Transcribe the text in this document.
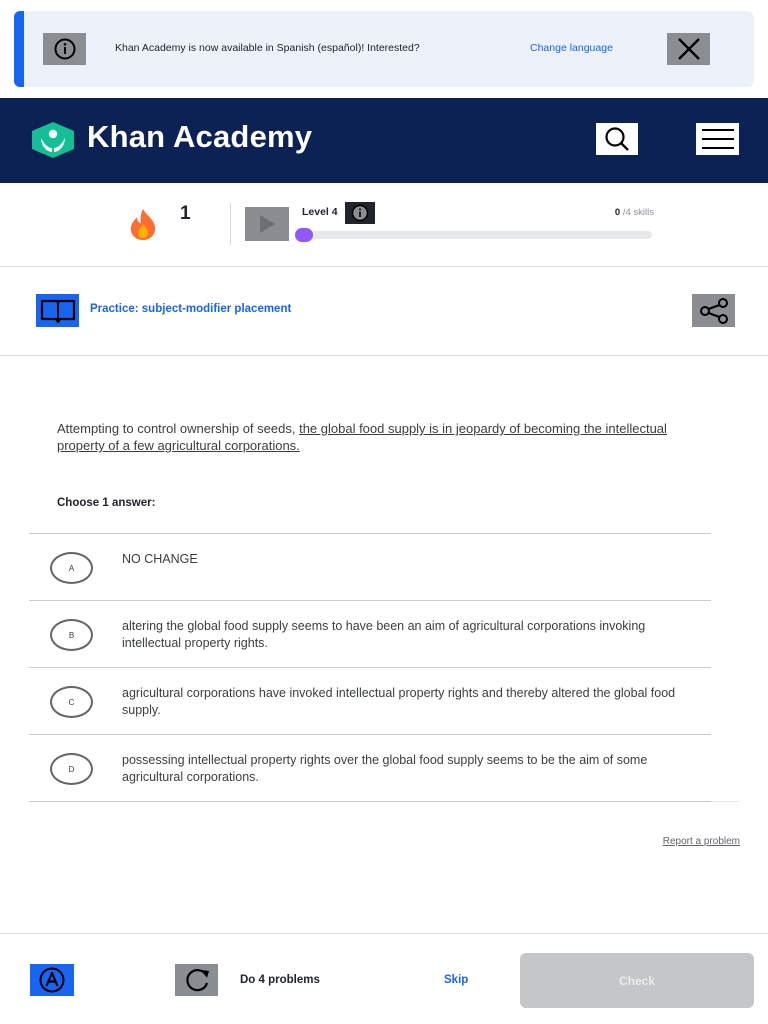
Khan Academy is now available in Spanish (español)! Interested?	Change language
Khan Academy
1	Level 4	0 /4 skills
Practice: subject-modifier placement
Attempting to control ownership of seeds, the global food supply is in jeopardy of becoming the intellectual property of a few agricultural corporations.
Choose 1 answer:
A
NO CHANGE
B
altering the global food supply seems to have been an aim of agricultural corporations invoking intellectual property rights.
C
agricultural corporations have invoked intellectual property rights and thereby altered the global food supply.
D
possessing intellectual property rights over the global food supply seems to be the aim of some agricultural corporations.
Report a problem
Do 4 problems	Skip	Check
